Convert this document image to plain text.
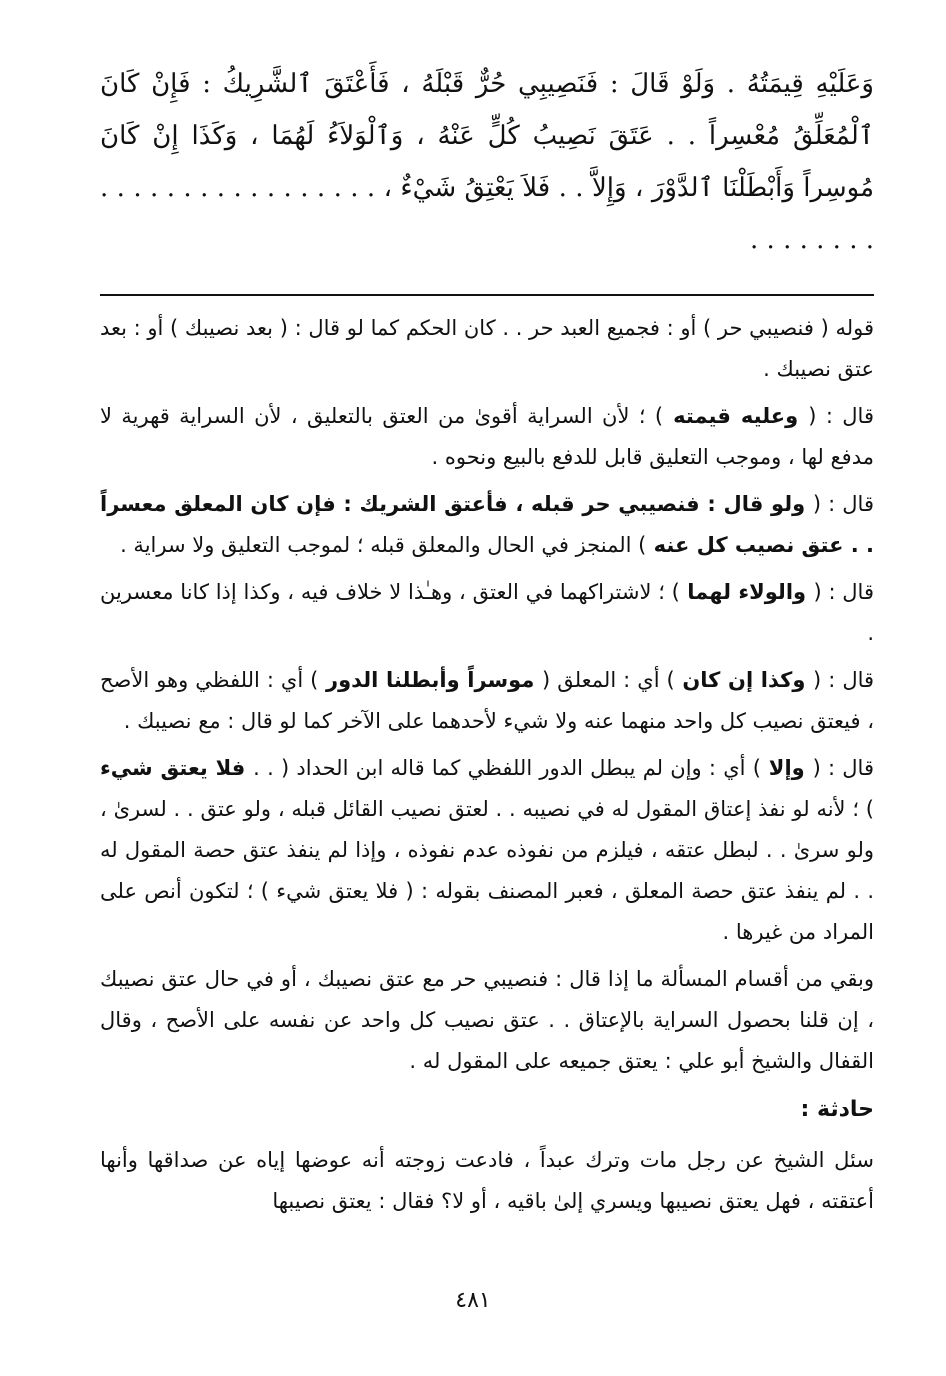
وَعَلَيْهِ قِيمَتُهُ . وَلَوْ قَالَ : فَنَصِيبِي حُرٌّ قَبْلَهُ ، فَأَعْتَقَ ٱلشَّرِيكُ : فَإِنْ كَانَ ٱلْمُعَلِّقُ مُعْسِراً . . عَتَقَ نَصِيبُ كُلٍّ عَنْهُ ، وَٱلْوَلاَءُ لَهُمَا ، وَكَذَا إِنْ كَانَ مُوسِراً وَأَبْطَلْنَا ٱلدَّوْرَ ، وَإِلاَّ . . فَلاَ يَعْتِقُ شَيْءٌ ، . . . . . . . . . . . . . . . . . . . . . . . . .

قوله ( فنصيبي حر ) أو : فجميع العبد حر . . كان الحكم كما لو قال : ( بعد نصيبك ) أو : بعد عتق نصيبك .

قال : ( وعليه قيمته ) ؛ لأن السراية أقوىٰ من العتق بالتعليق ، لأن السراية قهرية لا مدفع لها ، وموجب التعليق قابل للدفع بالبيع ونحوه .

قال : ( ولو قال : فنصيبي حر قبله ، فأعتق الشريك : فإن كان المعلق معسراً . . عتق نصيب كل عنه ) المنجز في الحال والمعلق قبله ؛ لموجب التعليق ولا سراية .

قال : ( والولاء لهما ) ؛ لاشتراكهما في العتق ، وهـٰذا لا خلاف فيه ، وكذا إذا كانا معسرين .

قال : ( وكذا إن كان ) أي : المعلق ( موسراً وأبطلنا الدور ) أي : اللفظي وهو الأصح ، فيعتق نصيب كل واحد منهما عنه ولا شيء لأحدهما على الآخر كما لو قال : مع نصيبك .

قال : ( وإلا ) أي : وإن لم يبطل الدور اللفظي كما قاله ابن الحداد ( . . فلا يعتق شيء ) ؛ لأنه لو نفذ إعتاق المقول له في نصيبه . . لعتق نصيب القائل قبله ، ولو عتق . . لسرىٰ ، ولو سرىٰ . . لبطل عتقه ، فيلزم من نفوذه عدم نفوذه ، وإذا لم ينفذ عتق حصة المقول له . . لم ينفذ عتق حصة المعلق ، فعبر المصنف بقوله : ( فلا يعتق شيء ) ؛ لتكون أنص على المراد من غيرها .

وبقي من أقسام المسألة ما إذا قال : فنصيبي حر مع عتق نصيبك ، أو في حال عتق نصيبك ، إن قلنا بحصول السراية بالإعتاق . . عتق نصيب كل واحد عن نفسه على الأصح ، وقال القفال والشيخ أبو علي : يعتق جميعه على المقول له .

حادثة :

سئل الشيخ عن رجل مات وترك عبداً ، فادعت زوجته أنه عوضها إياه عن صداقها وأنها أعتقته ، فهل يعتق نصيبها ويسري إلىٰ باقيه ، أو لا؟ فقال : يعتق نصيبها

٤٨١
